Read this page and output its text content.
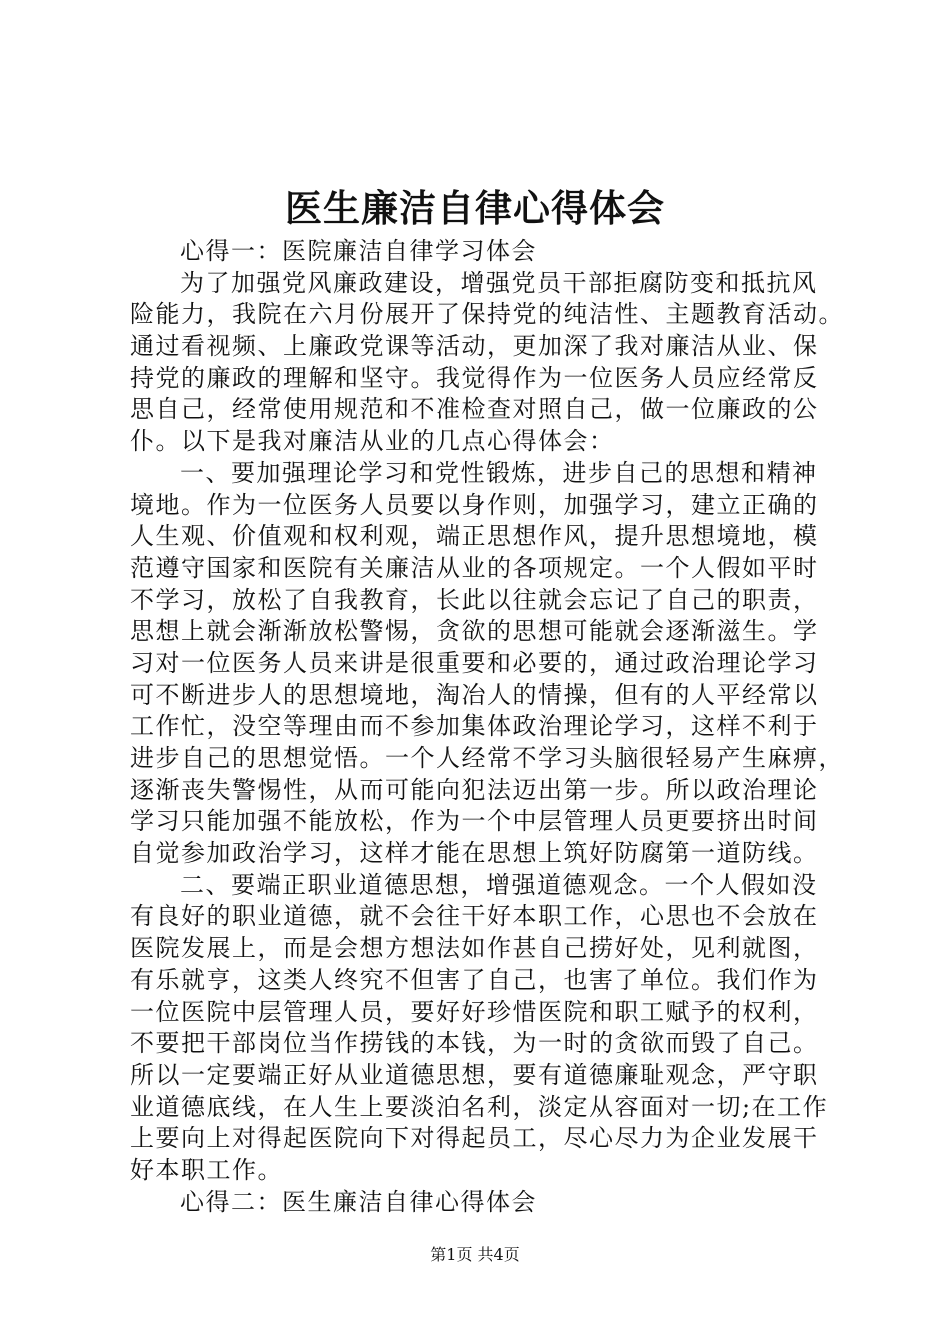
医生廉洁自律心得体会
心得一：医院廉洁自律学习体会
为了加强党风廉政建设，增强党员干部拒腐防变和抵抗风
险能力，我院在六月份展开了保持党的纯洁性、主题教育活动。
通过看视频、上廉政党课等活动，更加深了我对廉洁从业、保
持党的廉政的理解和坚守。我觉得作为一位医务人员应经常反
思自己，经常使用规范和不准检查对照自己，做一位廉政的公
仆。以下是我对廉洁从业的几点心得体会：
一、要加强理论学习和党性锻炼，进步自己的思想和精神
境地。作为一位医务人员要以身作则，加强学习，建立正确的
人生观、价值观和权利观，端正思想作风，提升思想境地，模
范遵守国家和医院有关廉洁从业的各项规定。一个人假如平时
不学习，放松了自我教育，长此以往就会忘记了自己的职责，
思想上就会渐渐放松警惕，贪欲的思想可能就会逐渐滋生。学
习对一位医务人员来讲是很重要和必要的，通过政治理论学习
可不断进步人的思想境地，淘冶人的情操，但有的人平经常以
工作忙，没空等理由而不参加集体政治理论学习，这样不利于
进步自己的思想觉悟。一个人经常不学习头脑很轻易产生麻痹，
逐渐丧失警惕性，从而可能向犯法迈出第一步。所以政治理论
学习只能加强不能放松，作为一个中层管理人员更要挤出时间
自觉参加政治学习，这样才能在思想上筑好防腐第一道防线。
二、要端正职业道德思想，增强道德观念。一个人假如没
有良好的职业道德，就不会往干好本职工作，心思也不会放在
医院发展上，而是会想方想法如作甚自己捞好处，见利就图，
有乐就亨，这类人终究不但害了自己，也害了单位。我们作为
一位医院中层管理人员，要好好珍惜医院和职工赋予的权利，
不要把干部岗位当作捞钱的本钱，为一时的贪欲而毁了自己。
所以一定要端正好从业道德思想，要有道德廉耻观念，严守职
业道德底线，在人生上要淡泊名利，淡定从容面对一切;在工作
上要向上对得起医院向下对得起员工，尽心尽力为企业发展干
好本职工作。
心得二：医生廉洁自律心得体会
第1页 共4页
